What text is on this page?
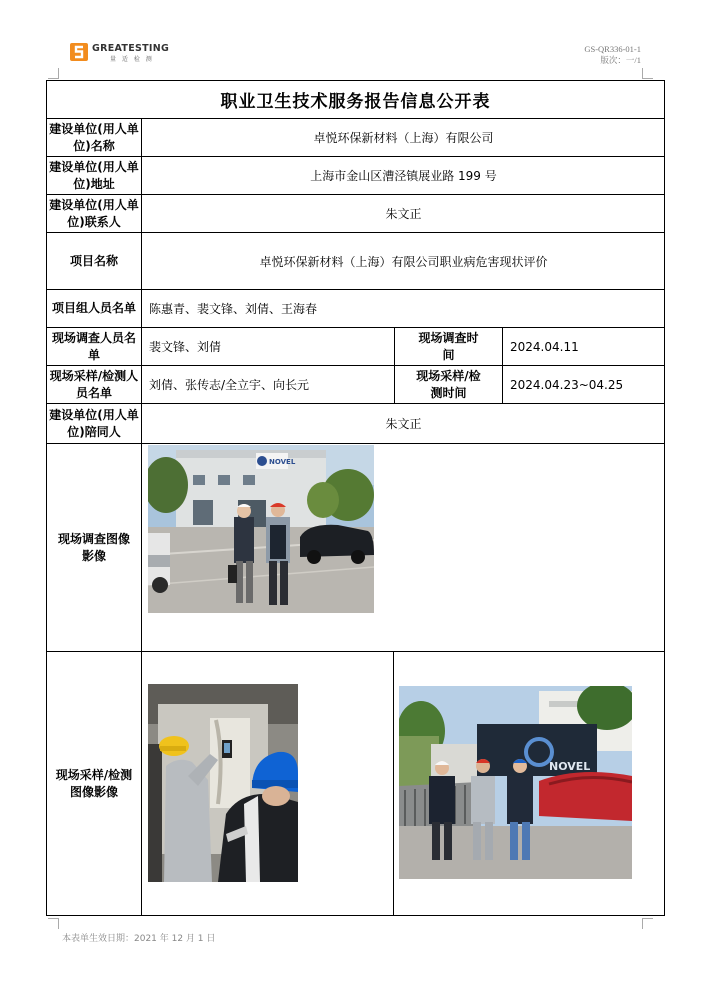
GREATESTING
量 适 检 测
GS-QR336-01-1
版次：一/1
职业卫生技术服务报告信息公开表
建设单位(用人单位)名称
卓悦环保新材料（上海）有限公司
建设单位(用人单位)地址
上海市金山区漕泾镇展业路 199 号
建设单位(用人单位)联系人
朱文正
项目名称	卓悦环保新材料（上海）有限公司职业病危害现状评价
项目组人员名单	陈惠青、裴文锋、刘倩、王海春
现场调查人员名单
裴文锋、刘倩
现场调查时间
2024.04.11
现场采样/检测人员名单
刘倩、张传志/全立宇、向长元
现场采样/检测时间
2024.04.23~04.25
建设单位(用人单位)陪同人
朱文正
现场调查图像影像
现场采样/检测图像影像
NOVEL
NOVEL
本表单生效日期：2021 年 12 月 1 日
